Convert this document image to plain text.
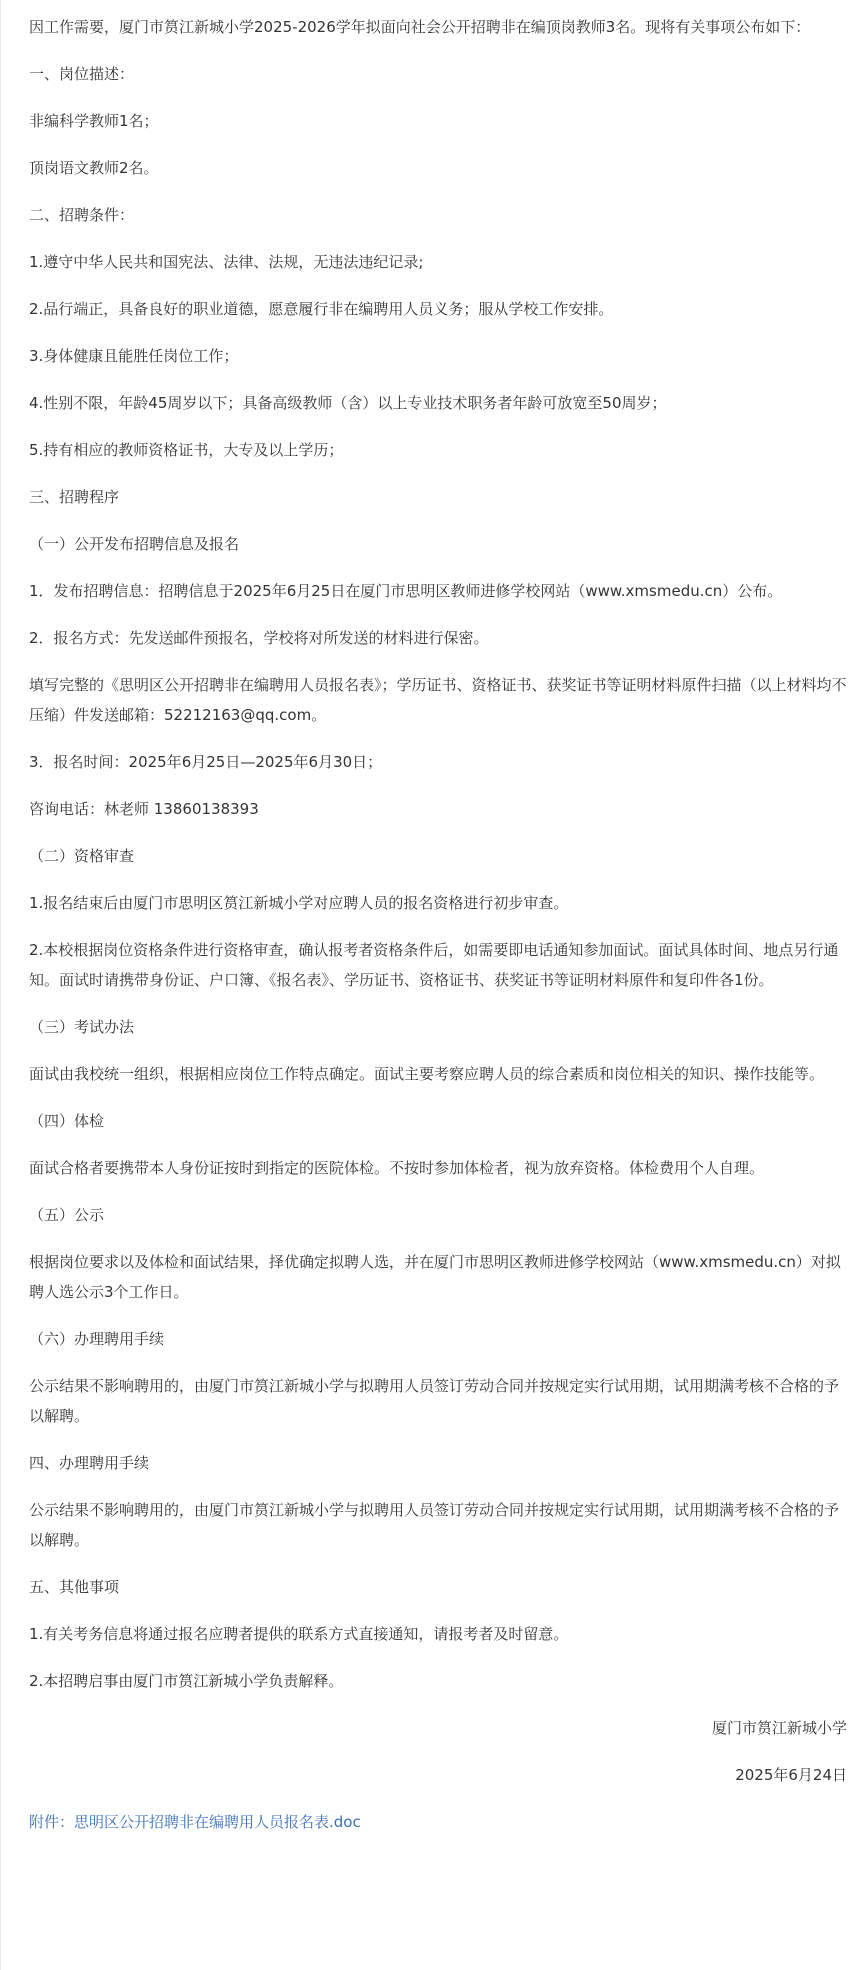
因工作需要，厦门市筼江新城小学2025-2026学年拟面向社会公开招聘非在编顶岗教师3名。现将有关事项公布如下：

一、岗位描述：

非编科学教师1名；

顶岗语文教师2名。

二、招聘条件：

1.遵守中华人民共和国宪法、法律、法规，无违法违纪记录;

2.品行端正，具备良好的职业道德，愿意履行非在编聘用人员义务；服从学校工作安排。

3.身体健康且能胜任岗位工作；

4.性别不限，年龄45周岁以下；具备高级教师（含）以上专业技术职务者年龄可放宽至50周岁；

5.持有相应的教师资格证书，大专及以上学历；

三、招聘程序

（一）公开发布招聘信息及报名

1．发布招聘信息：招聘信息于2025年6月25日在厦门市思明区教师进修学校网站（www.xmsmedu.cn）公布。

2．报名方式：先发送邮件预报名，学校将对所发送的材料进行保密。

填写完整的《思明区公开招聘非在编聘用人员报名表》；学历证书、资格证书、获奖证书等证明材料原件扫描（以上材料均不压缩）件发送邮箱：52212163@qq.com。

3．报名时间：2025年6月25日—2025年6月30日；

咨询电话：林老师 13860138393

（二）资格审查

1.报名结束后由厦门市思明区筼江新城小学对应聘人员的报名资格进行初步审查。

2.本校根据岗位资格条件进行资格审查，确认报考者资格条件后，如需要即电话通知参加面试。面试具体时间、地点另行通知。面试时请携带身份证、户口簿、《报名表》、学历证书、资格证书、获奖证书等证明材料原件和复印件各1份。

（三）考试办法

面试由我校统一组织，根据相应岗位工作特点确定。面试主要考察应聘人员的综合素质和岗位相关的知识、操作技能等。

（四）体检

面试合格者要携带本人身份证按时到指定的医院体检。不按时参加体检者，视为放弃资格。体检费用个人自理。

（五）公示

根据岗位要求以及体检和面试结果，择优确定拟聘人选，并在厦门市思明区教师进修学校网站（www.xmsmedu.cn）对拟聘人选公示3个工作日。

（六）办理聘用手续

公示结果不影响聘用的，由厦门市筼江新城小学与拟聘用人员签订劳动合同并按规定实行试用期，试用期满考核不合格的予以解聘。

四、办理聘用手续

公示结果不影响聘用的，由厦门市筼江新城小学与拟聘用人员签订劳动合同并按规定实行试用期，试用期满考核不合格的予以解聘。

五、其他事项

1.有关考务信息将通过报名应聘者提供的联系方式直接通知，请报考者及时留意。

2.本招聘启事由厦门市筼江新城小学负责解释。

厦门市筼江新城小学

2025年6月24日

附件：思明区公开招聘非在编聘用人员报名表.doc
